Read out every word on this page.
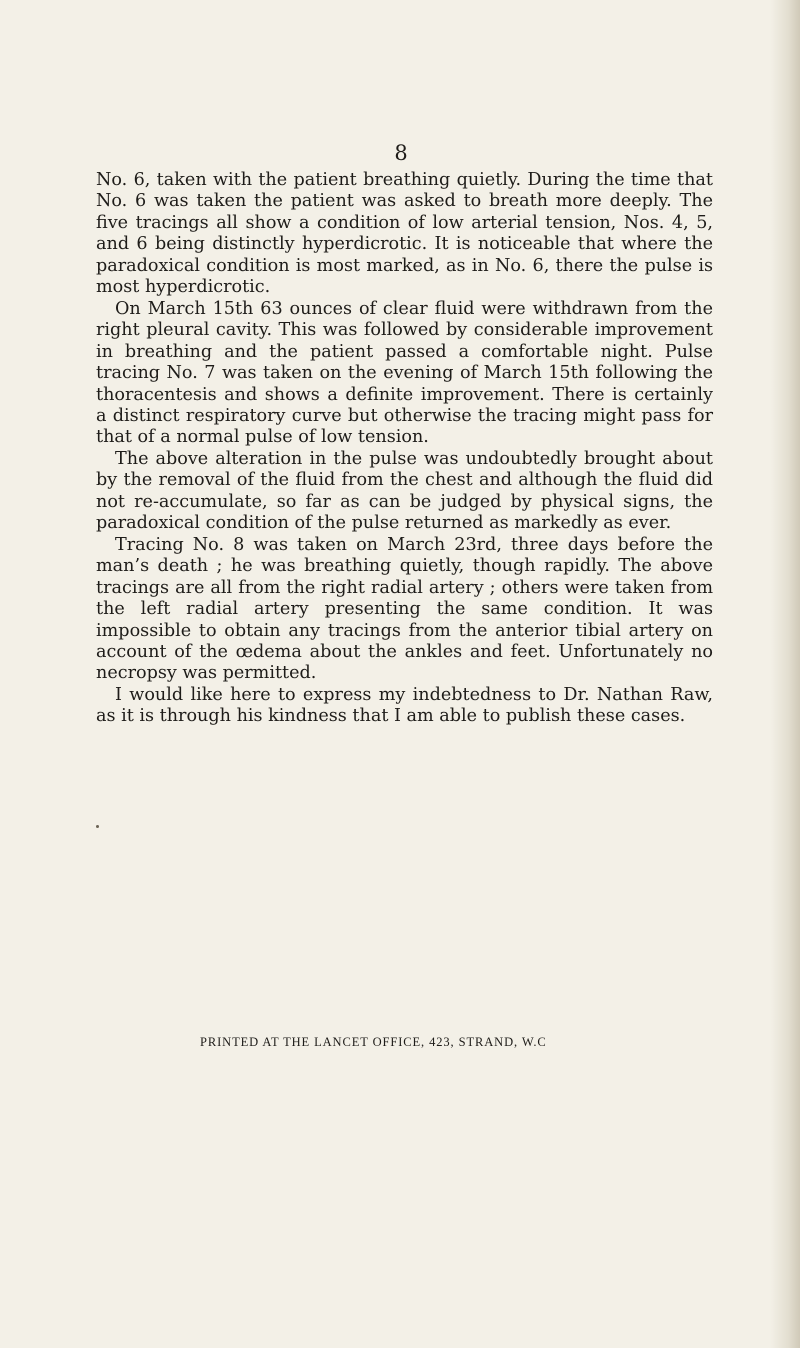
8

No. 6, taken with the patient breathing quietly. During the time that No. 6 was taken the patient was asked to breath more deeply. The five tracings all show a condition of low arterial tension, Nos. 4, 5, and 6 being distinctly hyperdicrotic. It is noticeable that where the paradoxical condition is most marked, as in No. 6, there the pulse is most hyperdicrotic.

On March 15th 63 ounces of clear fluid were withdrawn from the right pleural cavity. This was followed by considerable improvement in breathing and the patient passed a comfortable night. Pulse tracing No. 7 was taken on the evening of March 15th following the thoracentesis and shows a definite improvement. There is certainly a distinct respiratory curve but otherwise the tracing might pass for that of a normal pulse of low tension.

The above alteration in the pulse was undoubtedly brought about by the removal of the fluid from the chest and although the fluid did not re-accumulate, so far as can be judged by physical signs, the paradoxical condition of the pulse returned as markedly as ever.

Tracing No. 8 was taken on March 23rd, three days before the man’s death ; he was breathing quietly, though rapidly. The above tracings are all from the right radial artery ; others were taken from the left radial artery presenting the same condition. It was impossible to obtain any tracings from the anterior tibial artery on account of the œdema about the ankles and feet. Unfortunately no necropsy was permitted.

I would like here to express my indebtedness to Dr. Nathan Raw, as it is through his kindness that I am able to publish these cases.

PRINTED AT THE LANCET OFFICE, 423, STRAND, W.C
